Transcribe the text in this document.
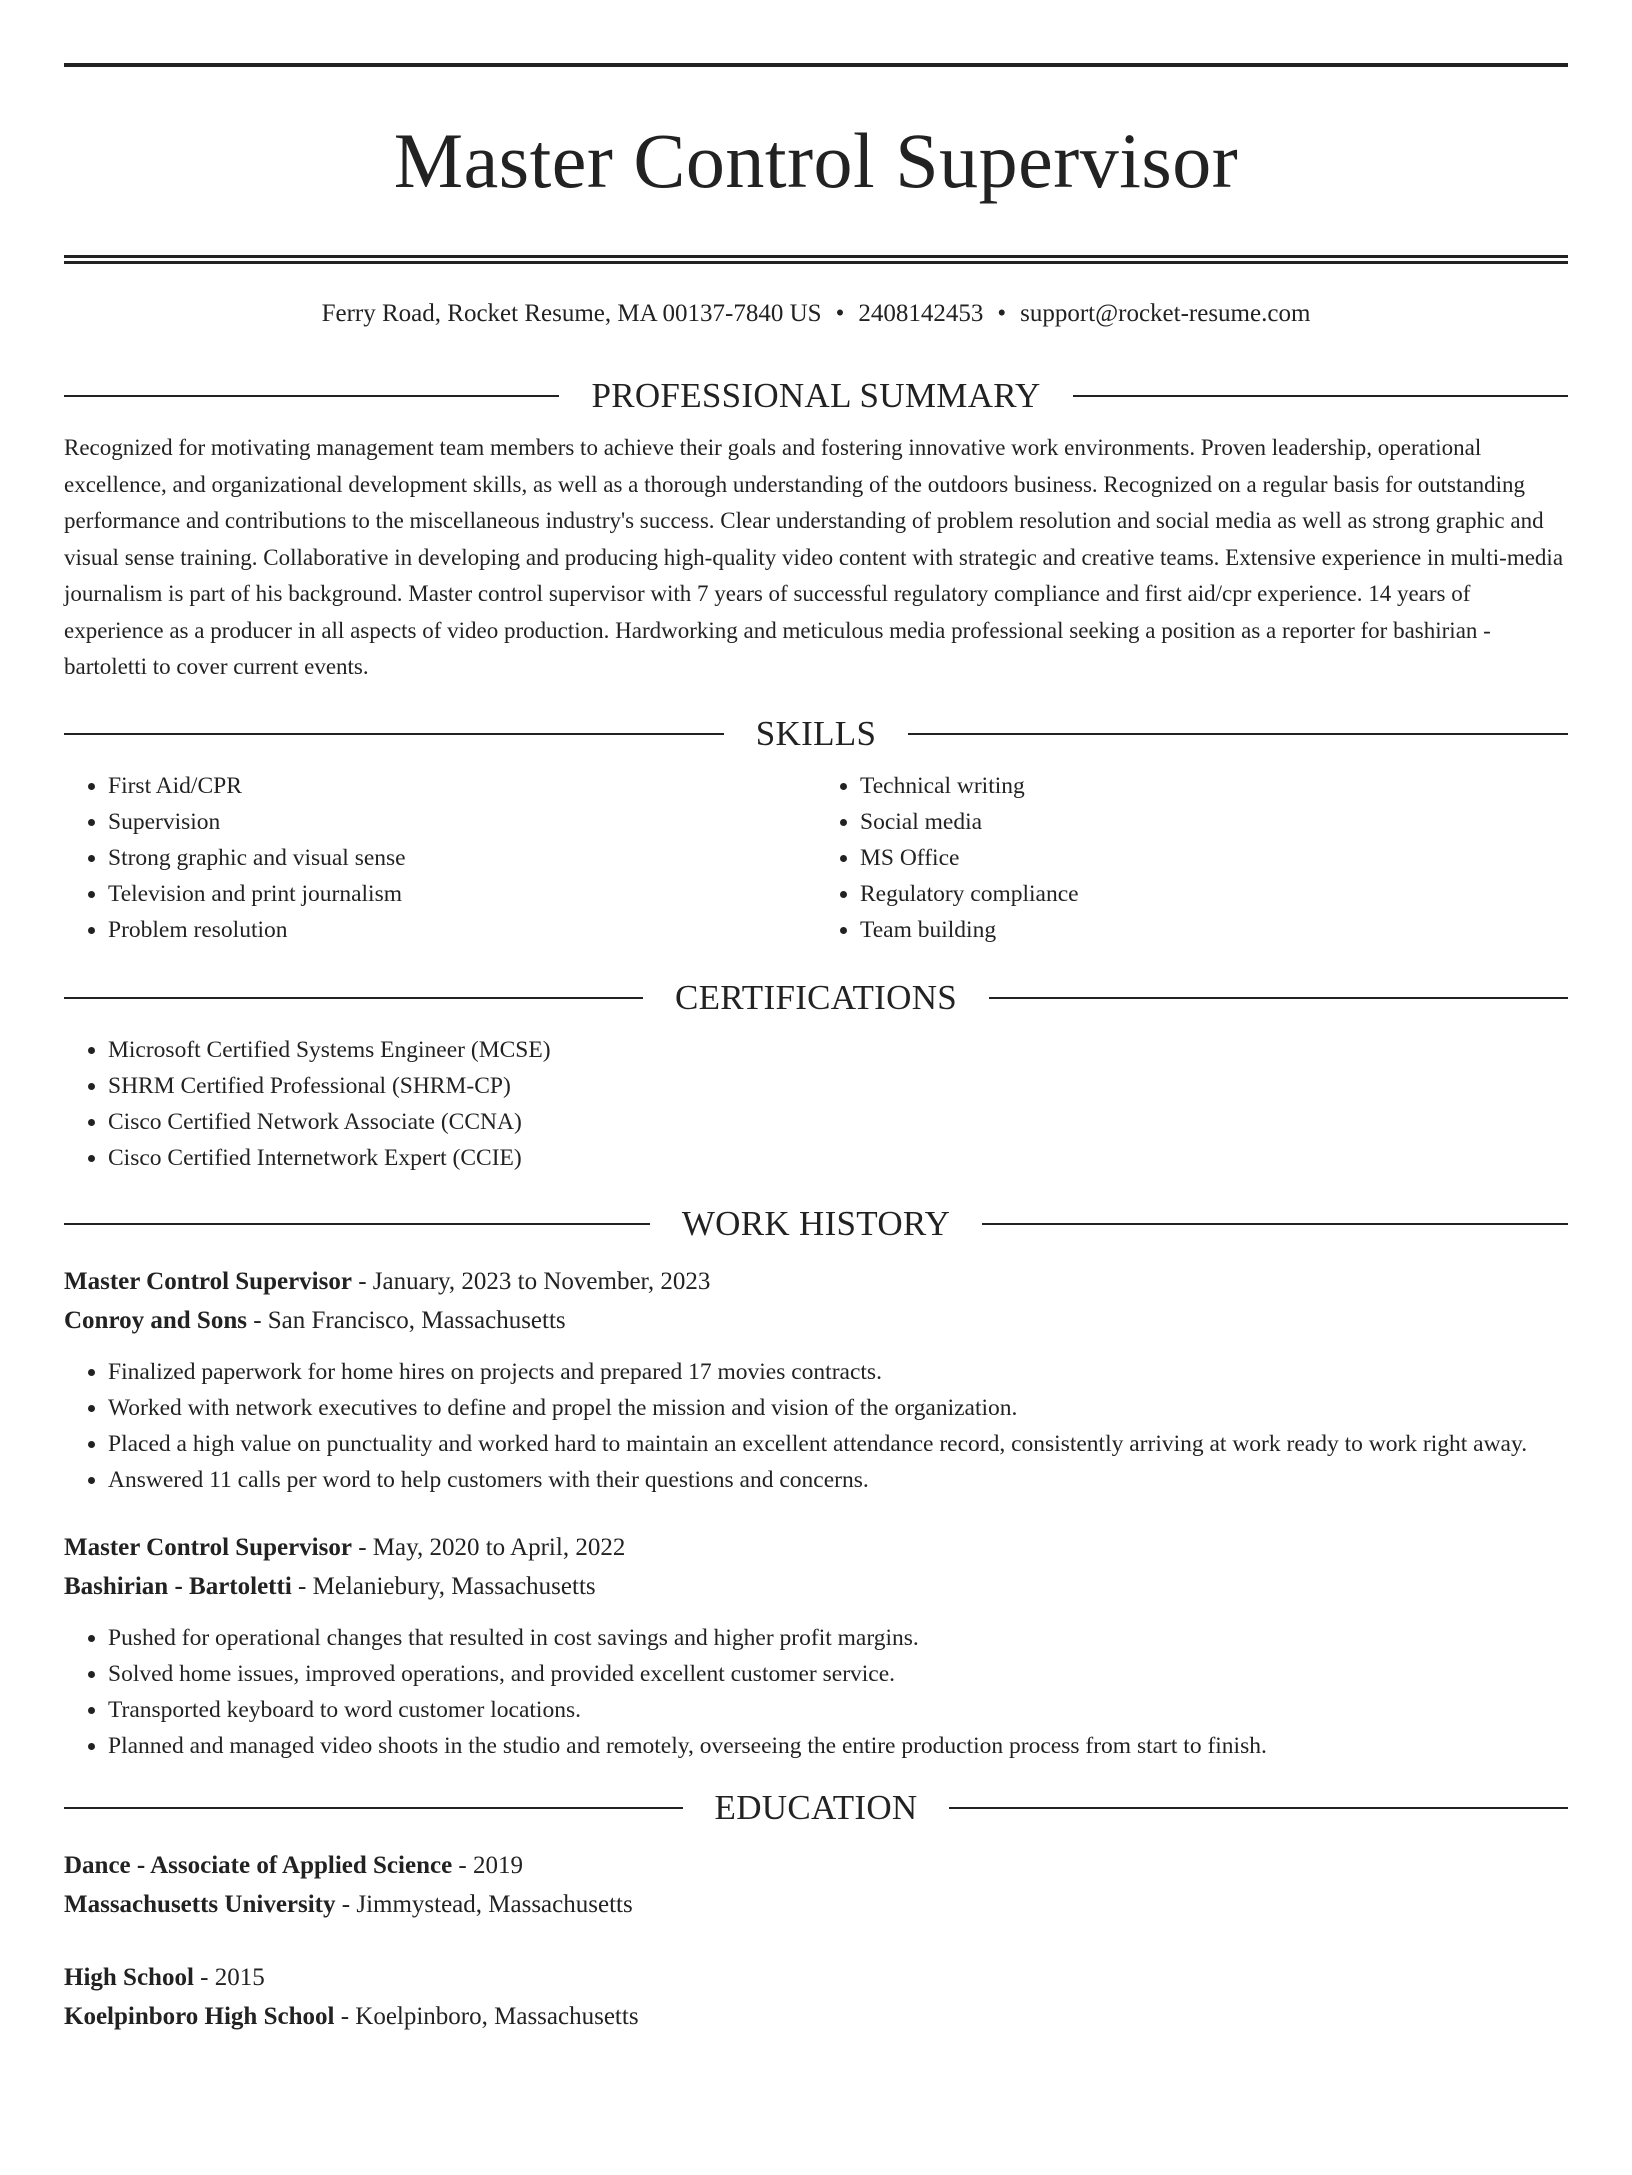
Master Control Supervisor
Ferry Road, Rocket Resume, MA 00137-7840 US • 2408142453 • support@rocket-resume.com
PROFESSIONAL SUMMARY
Recognized for motivating management team members to achieve their goals and fostering innovative work environments. Proven leadership, operational excellence, and organizational development skills, as well as a thorough understanding of the outdoors business. Recognized on a regular basis for outstanding performance and contributions to the miscellaneous industry's success. Clear understanding of problem resolution and social media as well as strong graphic and visual sense training. Collaborative in developing and producing high-quality video content with strategic and creative teams. Extensive experience in multi-media journalism is part of his background. Master control supervisor with 7 years of successful regulatory compliance and first aid/cpr experience. 14 years of experience as a producer in all aspects of video production. Hardworking and meticulous media professional seeking a position as a reporter for bashirian - bartoletti to cover current events.
SKILLS
• First Aid/CPR
• Supervision
• Strong graphic and visual sense
• Television and print journalism
• Problem resolution
• Technical writing
• Social media
• MS Office
• Regulatory compliance
• Team building
CERTIFICATIONS
• Microsoft Certified Systems Engineer (MCSE)
• SHRM Certified Professional (SHRM-CP)
• Cisco Certified Network Associate (CCNA)
• Cisco Certified Internetwork Expert (CCIE)
WORK HISTORY
Master Control Supervisor - January, 2023 to November, 2023
Conroy and Sons - San Francisco, Massachusetts
• Finalized paperwork for home hires on projects and prepared 17 movies contracts.
• Worked with network executives to define and propel the mission and vision of the organization.
• Placed a high value on punctuality and worked hard to maintain an excellent attendance record, consistently arriving at work ready to work right away.
• Answered 11 calls per word to help customers with their questions and concerns.
Master Control Supervisor - May, 2020 to April, 2022
Bashirian - Bartoletti - Melaniebury, Massachusetts
• Pushed for operational changes that resulted in cost savings and higher profit margins.
• Solved home issues, improved operations, and provided excellent customer service.
• Transported keyboard to word customer locations.
• Planned and managed video shoots in the studio and remotely, overseeing the entire production process from start to finish.
EDUCATION
Dance - Associate of Applied Science - 2019
Massachusetts University - Jimmystead, Massachusetts
High School - 2015
Koelpinboro High School - Koelpinboro, Massachusetts
